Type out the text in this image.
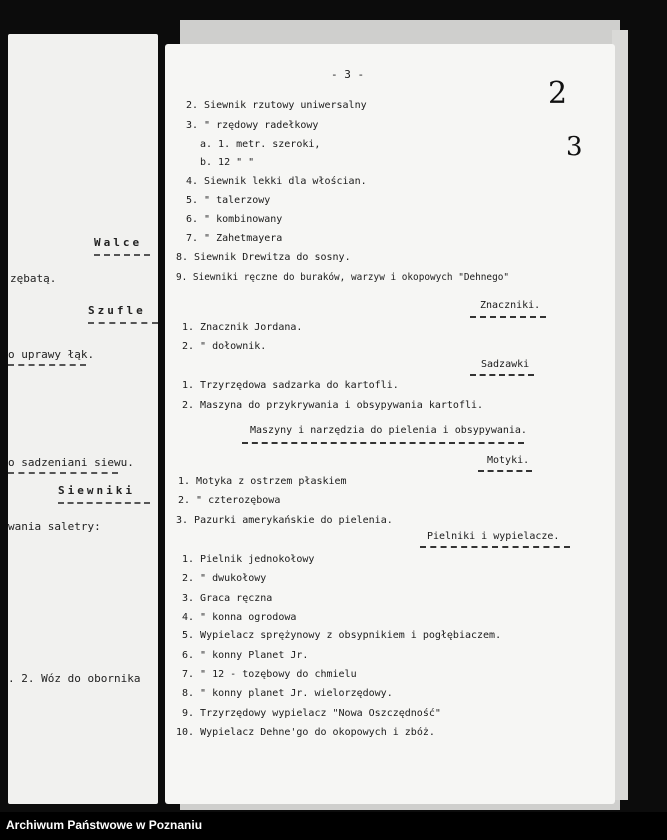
Walce
zębatą.
Szufle
o uprawy łąk.
o sadzeniani siewu.
Siewniki
wania saletry:
. 2. Wóz do obornika
- 3 -
2
3
2. Siewnik rzutowy uniwersalny
3. " rzędowy radełkowy
a. 1. metr. szeroki,
b. 12 " "
4. Siewnik lekki dla włościan.
5. " talerzowy
6. " kombinowany
7. " Zahetmayera
8. Siewnik Drewitza do sosny.
9. Siewniki ręczne do buraków, warzyw i okopowych "Dehnego"
Znaczniki.
1. Znacznik Jordana.
2. " dołownik.
Sadzawki
1. Trzyrzędowa sadzarka do kartofli.
2. Maszyna do przykrywania i obsypywania kartofli.
Maszyny i narzędzia do pielenia i obsypywania.
Motyki.
1. Motyka z ostrzem płaskiem
2. " czterozębowa
3. Pazurki amerykańskie do pielenia.
Pielniki i wypielacze.
1. Pielnik jednokołowy
2. " dwukołowy
3. Graca ręczna
4. " konna ogrodowa
5. Wypielacz sprężynowy z obsypnikiem i pogłębiaczem.
6. " konny Planet Jr.
7. " 12 - tozębowy do chmielu
8. " konny planet Jr. wielorzędowy.
9. Trzyrzędowy wypielacz "Nowa Oszczędność"
10. Wypielacz Dehne'go do okopowych i zbóż.
Archiwum Państwowe w Poznaniu
